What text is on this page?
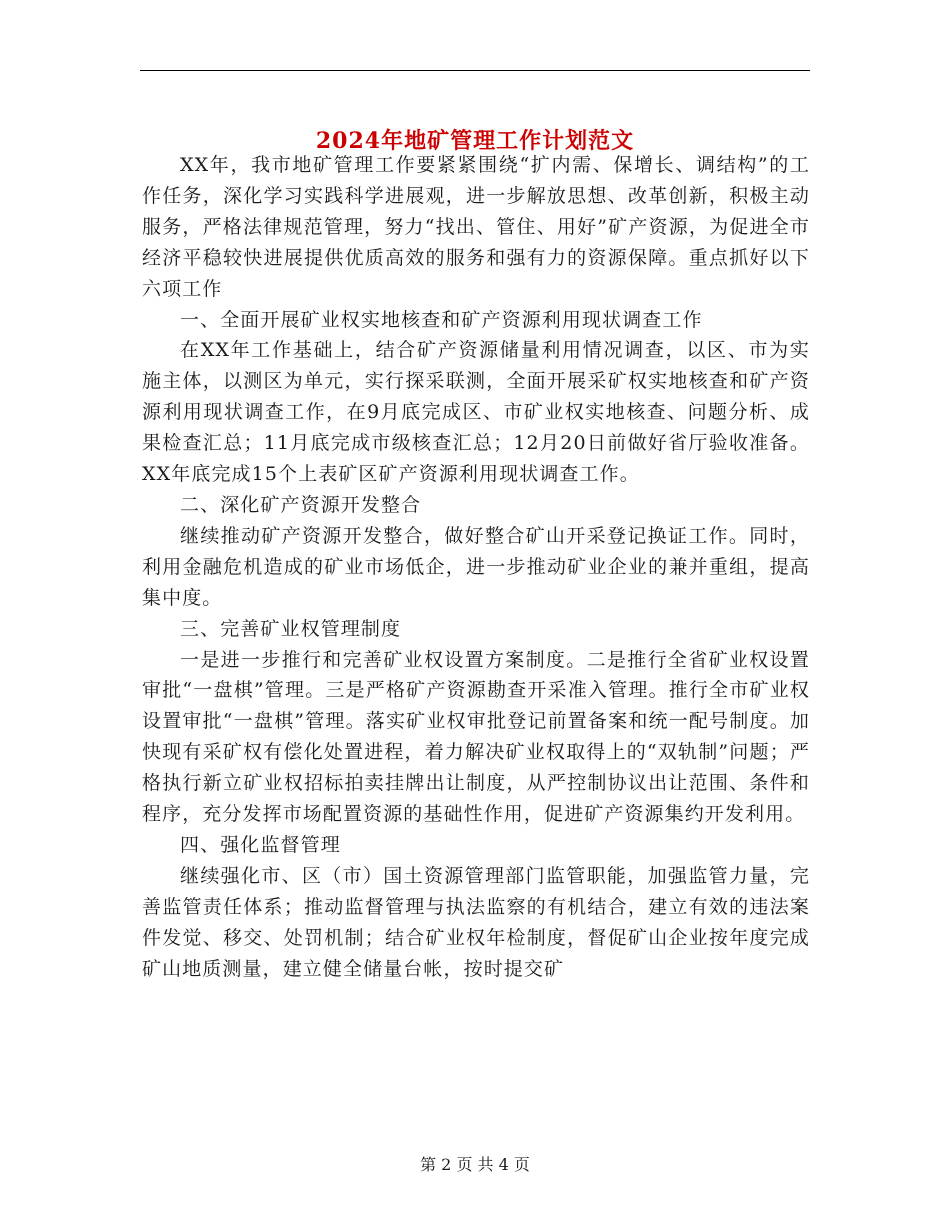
2024年地矿管理工作计划范文

XX年，我市地矿管理工作要紧紧围绕“扩内需、保增长、调结构”的工作任务，深化学习实践科学进展观，进一步解放思想、改革创新，积极主动服务，严格法律规范管理，努力“找出、管住、用好”矿产资源，为促进全市经济平稳较快进展提供优质高效的服务和强有力的资源保障。重点抓好以下六项工作

一、全面开展矿业权实地核查和矿产资源利用现状调查工作

在XX年工作基础上，结合矿产资源储量利用情况调查，以区、市为实施主体，以测区为单元，实行探采联测，全面开展采矿权实地核查和矿产资源利用现状调查工作，在9月底完成区、市矿业权实地核查、问题分析、成果检查汇总；11月底完成市级核查汇总；12月20日前做好省厅验收准备。XX年底完成15个上表矿区矿产资源利用现状调查工作。

二、深化矿产资源开发整合

继续推动矿产资源开发整合，做好整合矿山开采登记换证工作。同时，利用金融危机造成的矿业市场低企，进一步推动矿业企业的兼并重组，提高集中度。

三、完善矿业权管理制度

一是进一步推行和完善矿业权设置方案制度。二是推行全省矿业权设置审批“一盘棋”管理。三是严格矿产资源勘查开采准入管理。推行全市矿业权设置审批“一盘棋”管理。落实矿业权审批登记前置备案和统一配号制度。加快现有采矿权有偿化处置进程，着力解决矿业权取得上的“双轨制”问题；严格执行新立矿业权招标拍卖挂牌出让制度，从严控制协议出让范围、条件和程序，充分发挥市场配置资源的基础性作用，促进矿产资源集约开发利用。

四、强化监督管理

继续强化市、区（市）国土资源管理部门监管职能，加强监管力量，完善监管责任体系；推动监督管理与执法监察的有机结合，建立有效的违法案件发觉、移交、处罚机制；结合矿业权年检制度，督促矿山企业按年度完成矿山地质测量，建立健全储量台帐，按时提交矿

第 2 页 共 4 页
